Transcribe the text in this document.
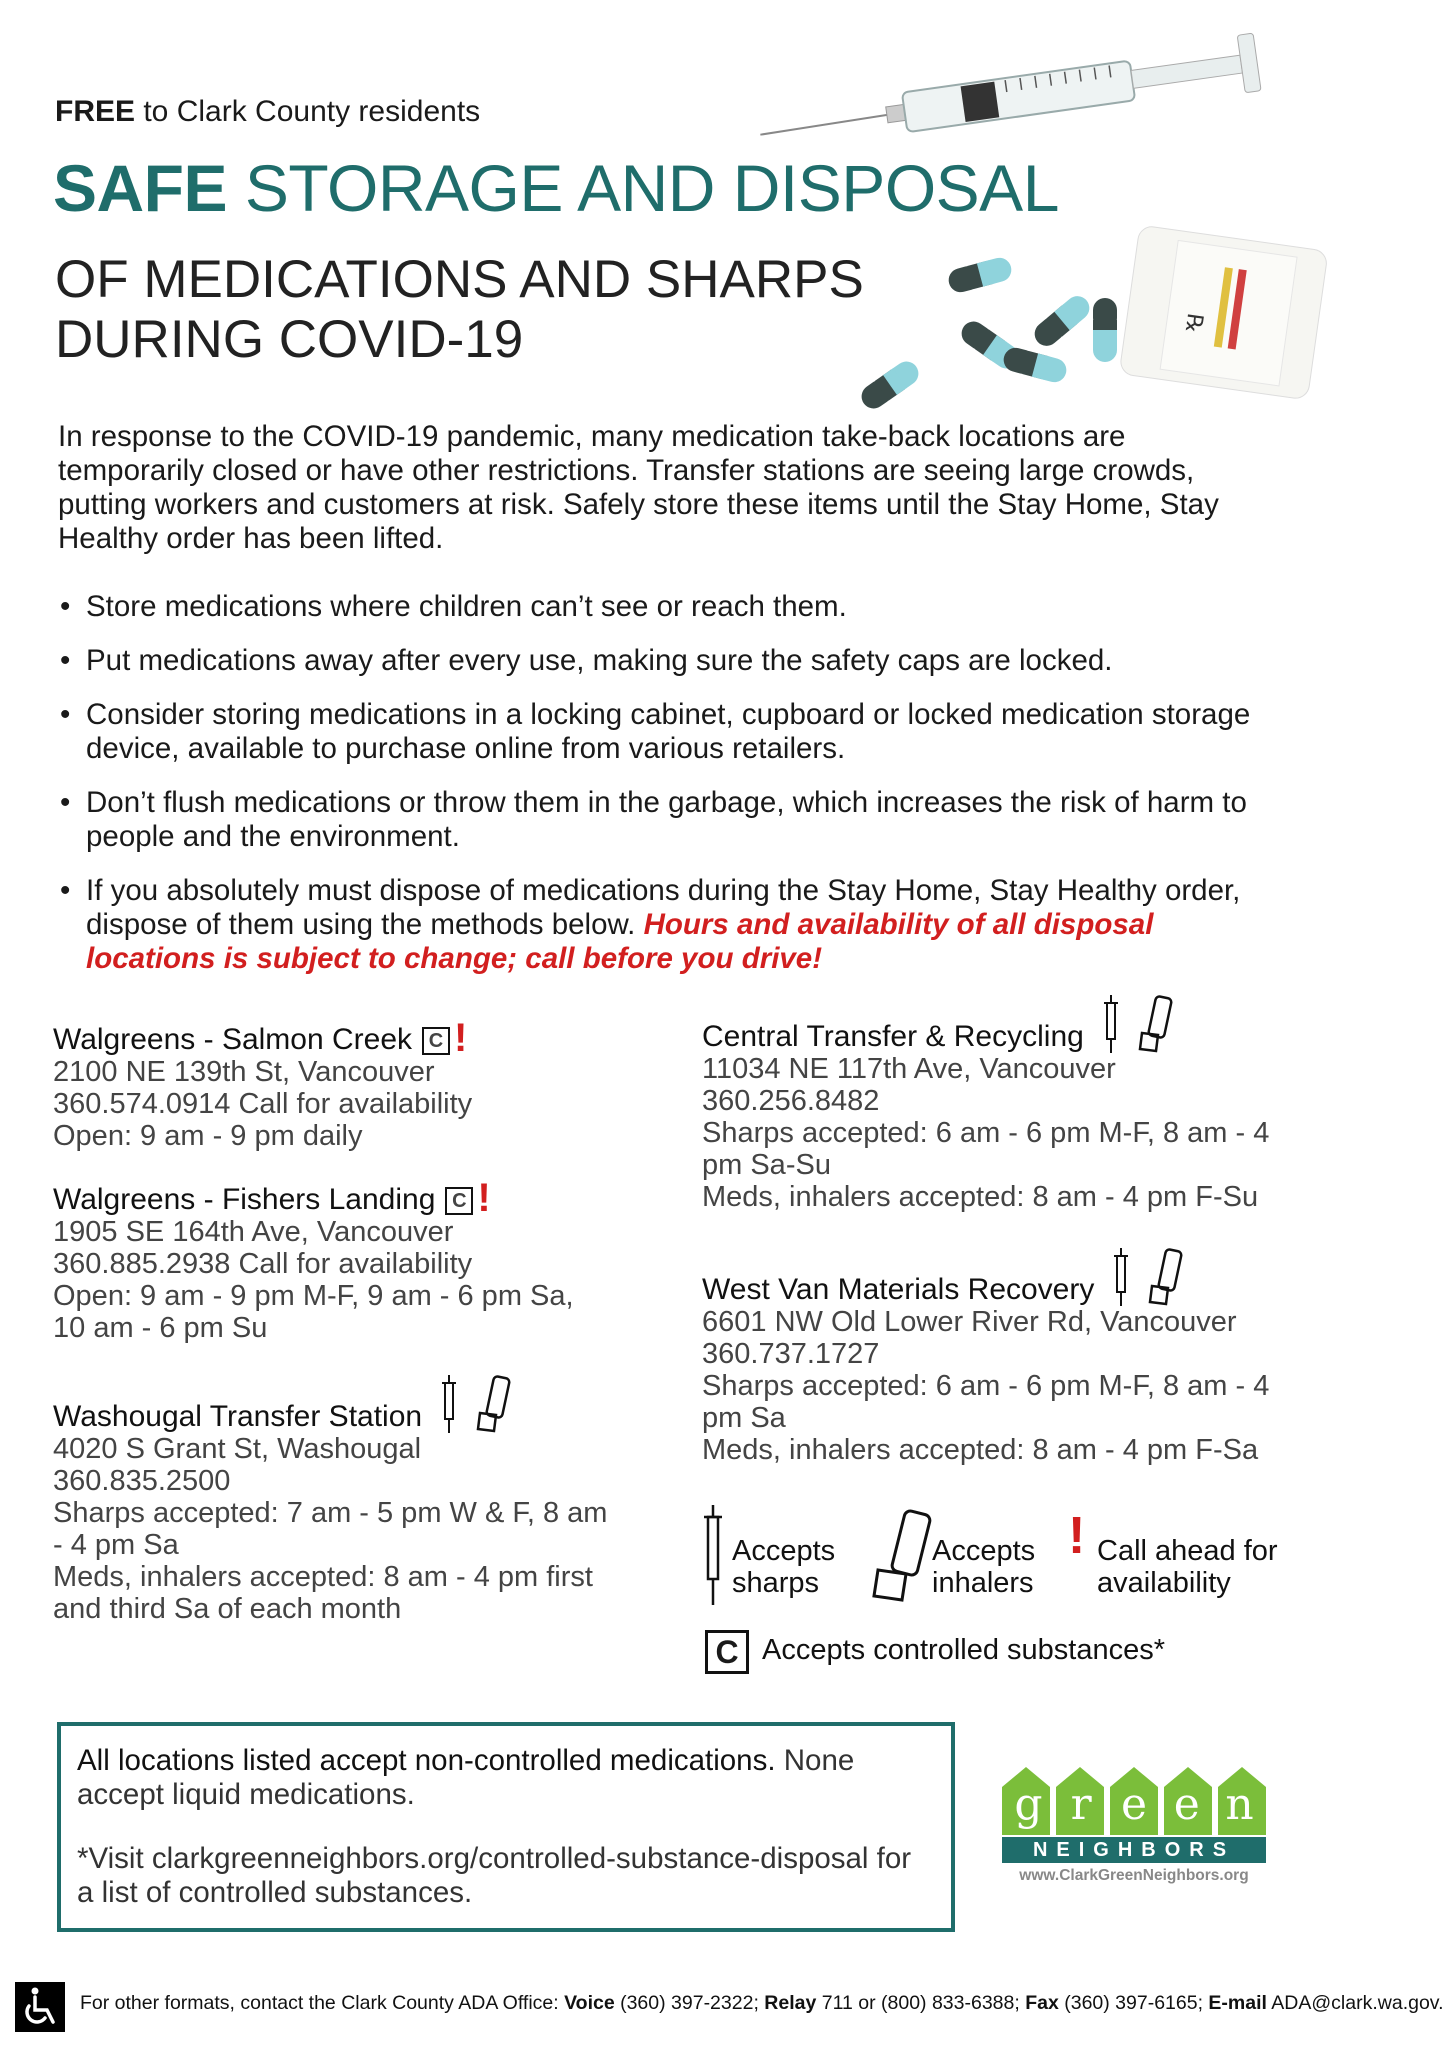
FREE to Clark County residents
SAFE STORAGE AND DISPOSAL
OF MEDICATIONS AND SHARPS
DURING COVID-19	℞
In response to the COVID-19 pandemic, many medication take-back locations are temporarily closed or have other restrictions. Transfer stations are seeing large crowds, putting workers and customers at risk. Safely store these items until the Stay Home, Stay Healthy order has been lifted.
• Store medications where children can’t see or reach them.
• Put medications away after every use, making sure the safety caps are locked.
• Consider storing medications in a locking cabinet, cupboard or locked medication storage device, available to purchase online from various retailers.
• Don’t flush medications or throw them in the garbage, which increases the risk of harm to people and the environment.
• If you absolutely must dispose of medications during the Stay Home, Stay Healthy order, dispose of them using the methods below. Hours and availability of all disposal locations is subject to change; call before you drive!
Walgreens - Salmon Creek C !
2100 NE 139th St, Vancouver
360.574.0914 Call for availability
Open: 9 am - 9 pm daily
Walgreens - Fishers Landing C !
1905 SE 164th Ave, Vancouver
360.885.2938 Call for availability
Open: 9 am - 9 pm M-F, 9 am - 6 pm Sa, 10 am - 6 pm Su
Washougal Transfer Station
4020 S Grant St, Washougal
360.835.2500
Sharps accepted: 7 am - 5 pm W & F, 8 am - 4 pm Sa
Meds, inhalers accepted: 8 am - 4 pm first and third Sa of each month
Central Transfer & Recycling
11034 NE 117th Ave, Vancouver
360.256.8482
Sharps accepted: 6 am - 6 pm M-F, 8 am - 4 pm Sa-Su
Meds, inhalers accepted: 8 am - 4 pm F-Su
West Van Materials Recovery
6601 NW Old Lower River Rd, Vancouver
360.737.1727
Sharps accepted: 6 am - 6 pm M-F, 8 am - 4 pm Sa
Meds, inhalers accepted: 8 am - 4 pm F-Sa
Accepts sharps
Accepts inhalers
! Call ahead for availability
C Accepts controlled substances*
All locations listed accept non-controlled medications. None accept liquid medications.
*Visit clarkgreenneighbors.org/controlled-substance-disposal for a list of controlled substances.
g r e e n
NEIGHBORS
www.ClarkGreenNeighbors.org
For other formats, contact the Clark County ADA Office: Voice (360) 397-2322; Relay 711 or (800) 833-6388; Fax (360) 397-6165; E-mail ADA@clark.wa.gov.
